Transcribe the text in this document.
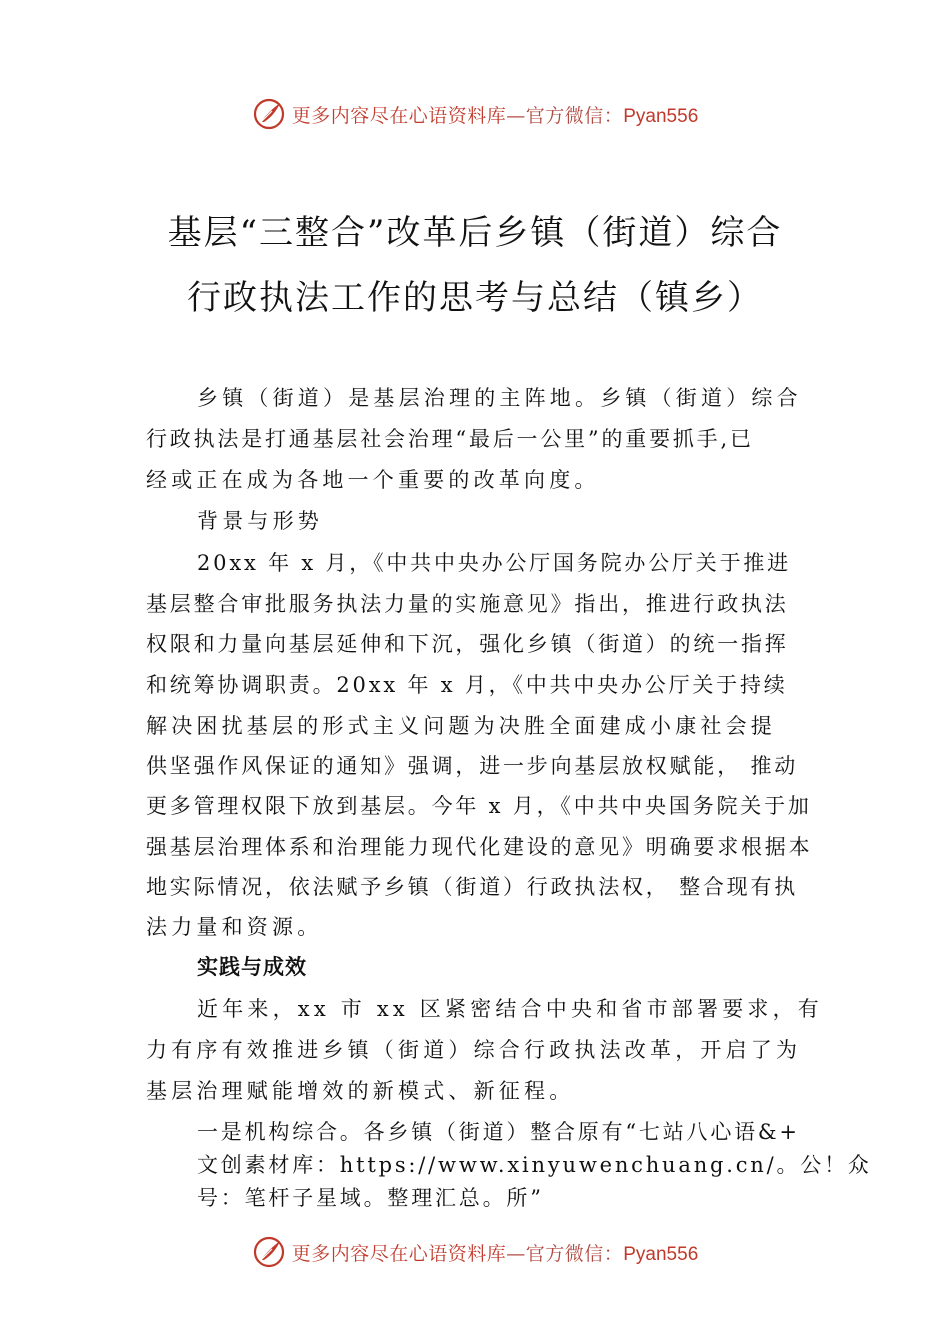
更多内容尽在心语资料库—官方微信：Pyan556
基层“三整合”改革后乡镇（街道）综合
行政执法工作的思考与总结（镇乡）
乡镇（街道）是基层治理的主阵地。乡镇（街道）综合
行政执法是打通基层社会治理“最后一公里”的重要抓手,已
经或正在成为各地一个重要的改革向度。
背景与形势
20xx 年 x 月，《中共中央办公厅国务院办公厅关于推进
基层整合审批服务执法力量的实施意见》指出，推进行政执法
权限和力量向基层延伸和下沉，强化乡镇（街道）的统一指挥
和统筹协调职责。20xx 年 x 月，《中共中央办公厅关于持续
解决困扰基层的形式主义问题为决胜全面建成小康社会提
供坚强作风保证的通知》强调，进一步向基层放权赋能， 推动
更多管理权限下放到基层。今年 x 月，《中共中央国务院关于加
强基层治理体系和治理能力现代化建设的意见》明确要求根据本
地实际情况，依法赋予乡镇（街道）行政执法权， 整合现有执
法力量和资源。
实践与成效
近年来，xx 市 xx 区紧密结合中央和省市部署要求，有
力有序有效推进乡镇（街道）综合行政执法改革，开启了为
基层治理赋能增效的新模式、新征程。
一是机构综合。各乡镇（街道）整合原有“七站八心语&+
文创素材库：https://www.xinyuwenchuang.cn/。公！众
号：笔杆子星域。整理汇总。所”
更多内容尽在心语资料库—官方微信：Pyan556
